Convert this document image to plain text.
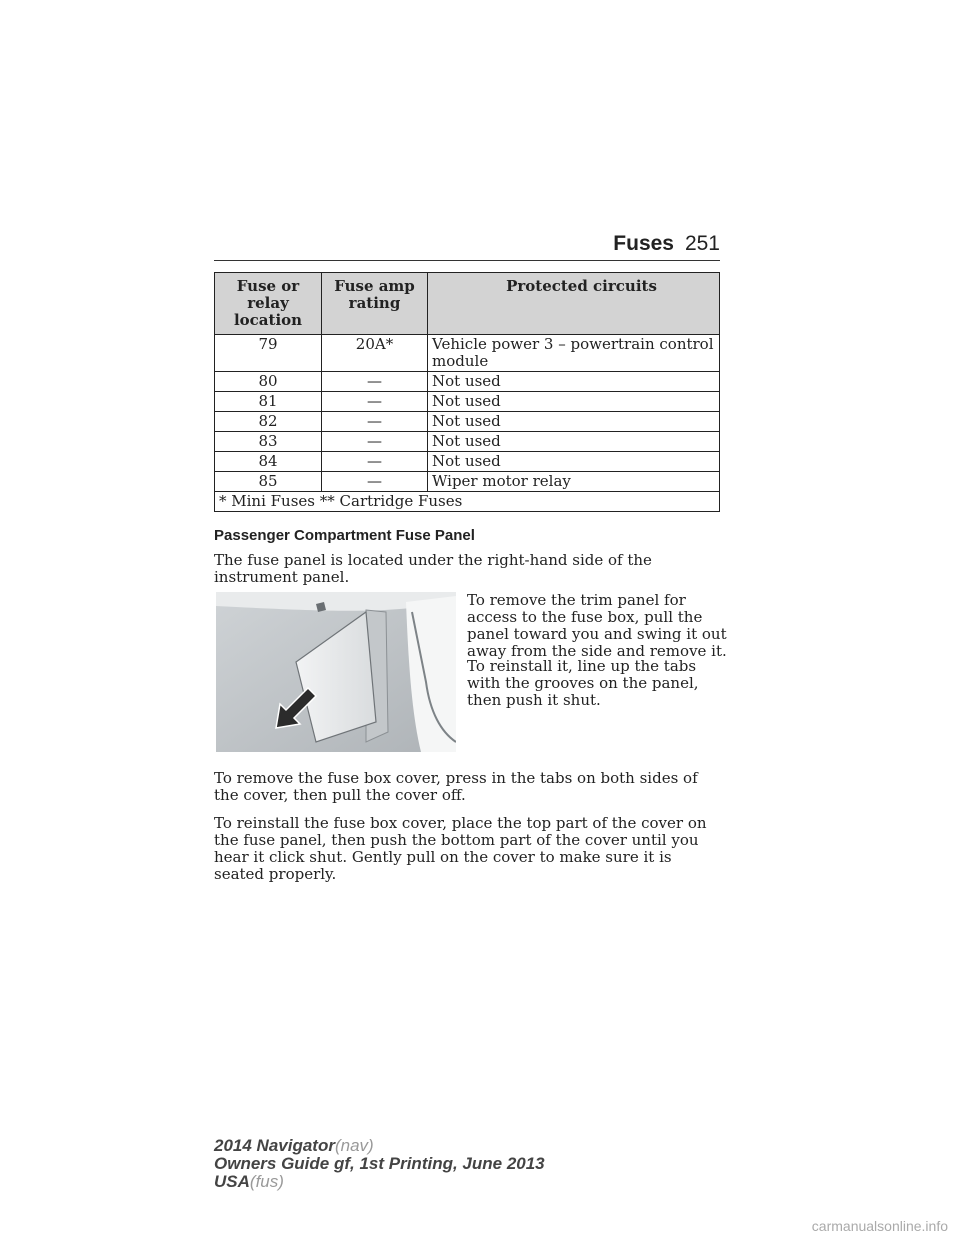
Fuses 251
Fuse or relay location	Fuse amp rating	Protected circuits
79	20A*	Vehicle power 3 – powertrain control module
80	—	Not used
81	—	Not used
82	—	Not used
83	—	Not used
84	—	Not used
85	—	Wiper motor relay
* Mini Fuses ** Cartridge Fuses		
Passenger Compartment Fuse Panel
The fuse panel is located under the right-hand side of the instrument panel.
To remove the trim panel for access to the fuse box, pull the panel toward you and swing it out away from the side and remove it.
To reinstall it, line up the tabs with the grooves on the panel, then push it shut.
To remove the fuse box cover, press in the tabs on both sides of the cover, then pull the cover off.
To reinstall the fuse box cover, place the top part of the cover on the fuse panel, then push the bottom part of the cover until you hear it click shut. Gently pull on the cover to make sure it is seated properly.
2014 Navigator(nav)
Owners Guide gf, 1st Printing, June 2013
USA(fus)
carmanualsonline.info
